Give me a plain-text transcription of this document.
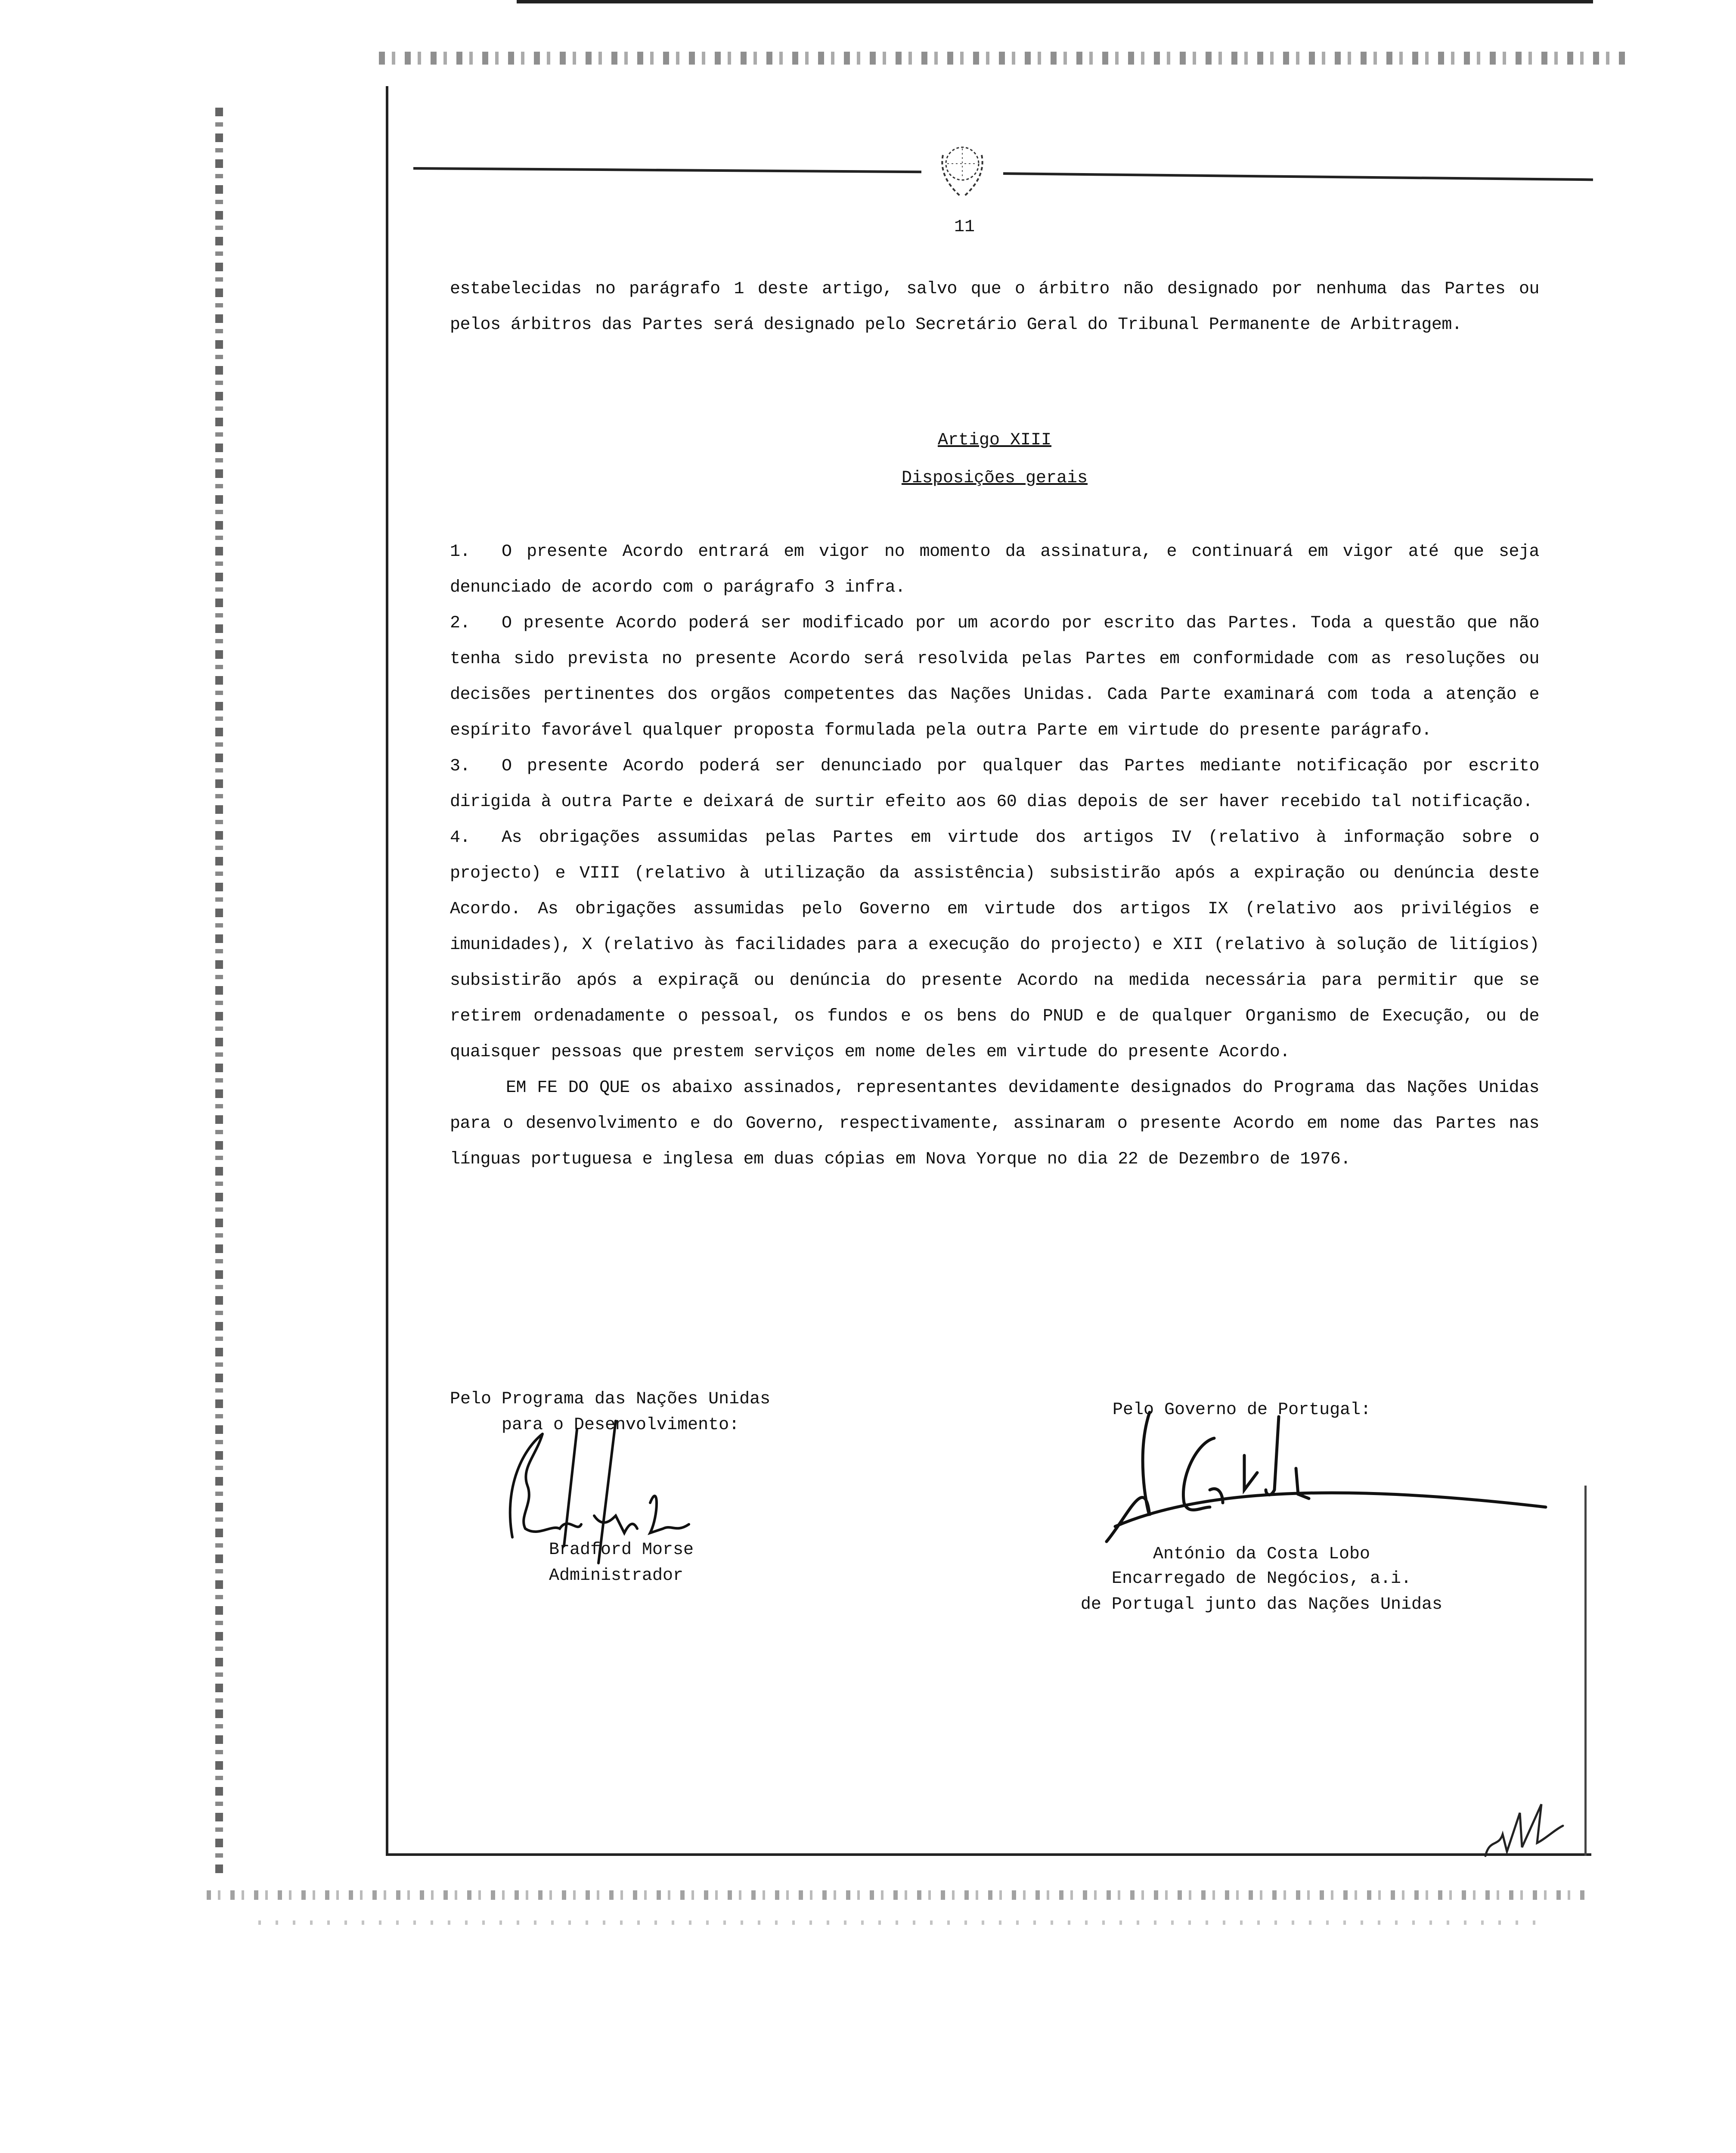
11
estabelecidas no parágrafo 1 deste artigo, salvo que o árbitro não designado por nenhuma das Partes ou pelos árbitros das Partes será designado pelo Secretário Geral do Tribunal Permanente de Arbitragem.
Artigo XIII
Disposições gerais

1. O presente Acordo entrará em vigor no momento da assinatura, e continuará em vigor até que seja denunciado de acordo com o parágrafo 3 infra.

2. O presente Acordo poderá ser modificado por um acordo por escrito das Partes. Toda a questão que não tenha sido prevista no presente Acordo será resolvida pelas Partes em conformidade com as resoluções ou decisões pertinentes dos orgãos competentes das Nações Unidas. Cada Parte examinará com toda a atenção e espírito favorável qualquer proposta formulada pela outra Parte em virtude do presente parágrafo.

3. O presente Acordo poderá ser denunciado por qualquer das Partes mediante notificação por escrito dirigida à outra Parte e deixará de surtir efeito aos 60 dias depois de ser haver recebido tal notificação.

4. As obrigações assumidas pelas Partes em virtude dos artigos IV (relativo à informação sobre o projecto) e VIII (relativo à utilização da assistência) subsistirão após a expiração ou denúncia deste Acordo. As obrigações assumidas pelo Governo em virtude dos artigos IX (relativo aos privilégios e imunidades), X (relativo às facilidades para a execução do projecto) e XII (relativo à solução de litígios) subsistirão após a expiraçã ou denúncia do presente Acordo na medida necessária para permitir que se retirem ordenadamente o pessoal, os fundos e os bens do PNUD e de qualquer Organismo de Execução, ou de quaisquer pessoas que prestem serviços em nome deles em virtude do presente Acordo.

EM FE DO QUE os abaixo assinados, representantes devidamente designados do Programa das Nações Unidas para o desenvolvimento e do Governo, respectivamente, assinaram o presente Acordo em nome das Partes nas línguas portuguesa e inglesa em duas cópias em Nova Yorque no dia 22 de Dezembro de 1976.

Pelo Programa das Nações Unidas
para o Desenvolvimento:
Bradford Morse
Administrador
Pelo Governo de Portugal:
António da Costa Lobo
Encarregado de Negócios, a.i.
de Portugal junto das Nações Unidas
